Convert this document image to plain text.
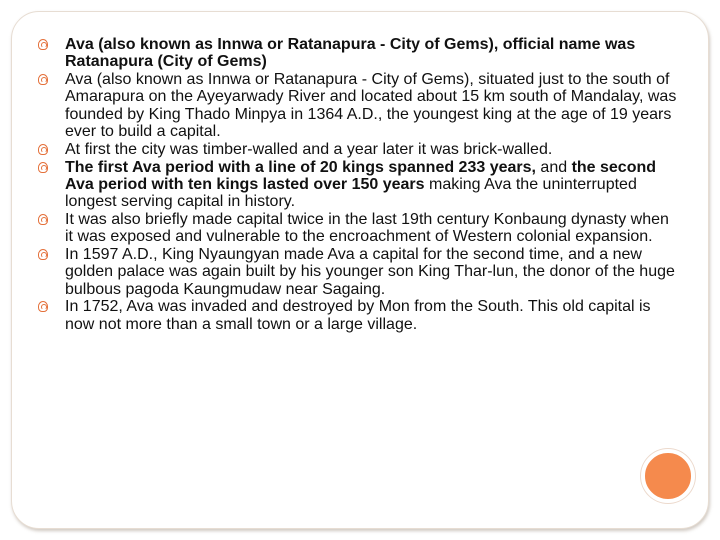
Ava (also known as Innwa or Ratanapura - City of Gems), official name was Ratanapura (City of Gems)
Ava (also known as Innwa or Ratanapura - City of Gems), situated just to the south of Amarapura on the Ayeyarwady River and located about 15 km south of Mandalay, was founded by King Thado Minpya in 1364 A.D., the youngest king at the age of 19 years ever to build a capital.
At first the city was timber-walled and a year later it was brick-walled.
The first Ava period with a line of 20 kings spanned 233 years, and the second Ava period with ten kings lasted over 150 years making Ava the uninterrupted longest serving capital in history.
It was also briefly made capital twice in the last 19th century Konbaung dynasty when it was exposed and vulnerable to the encroachment of Western colonial expansion.
In 1597 A.D., King Nyaungyan made Ava a capital for the second time, and a new golden palace was again built by his younger son King Thar-lun, the donor of the huge bulbous pagoda Kaungmudaw near Sagaing.
In 1752, Ava was invaded and destroyed by Mon from the South. This old capital is now not more than a small town or a large village.
